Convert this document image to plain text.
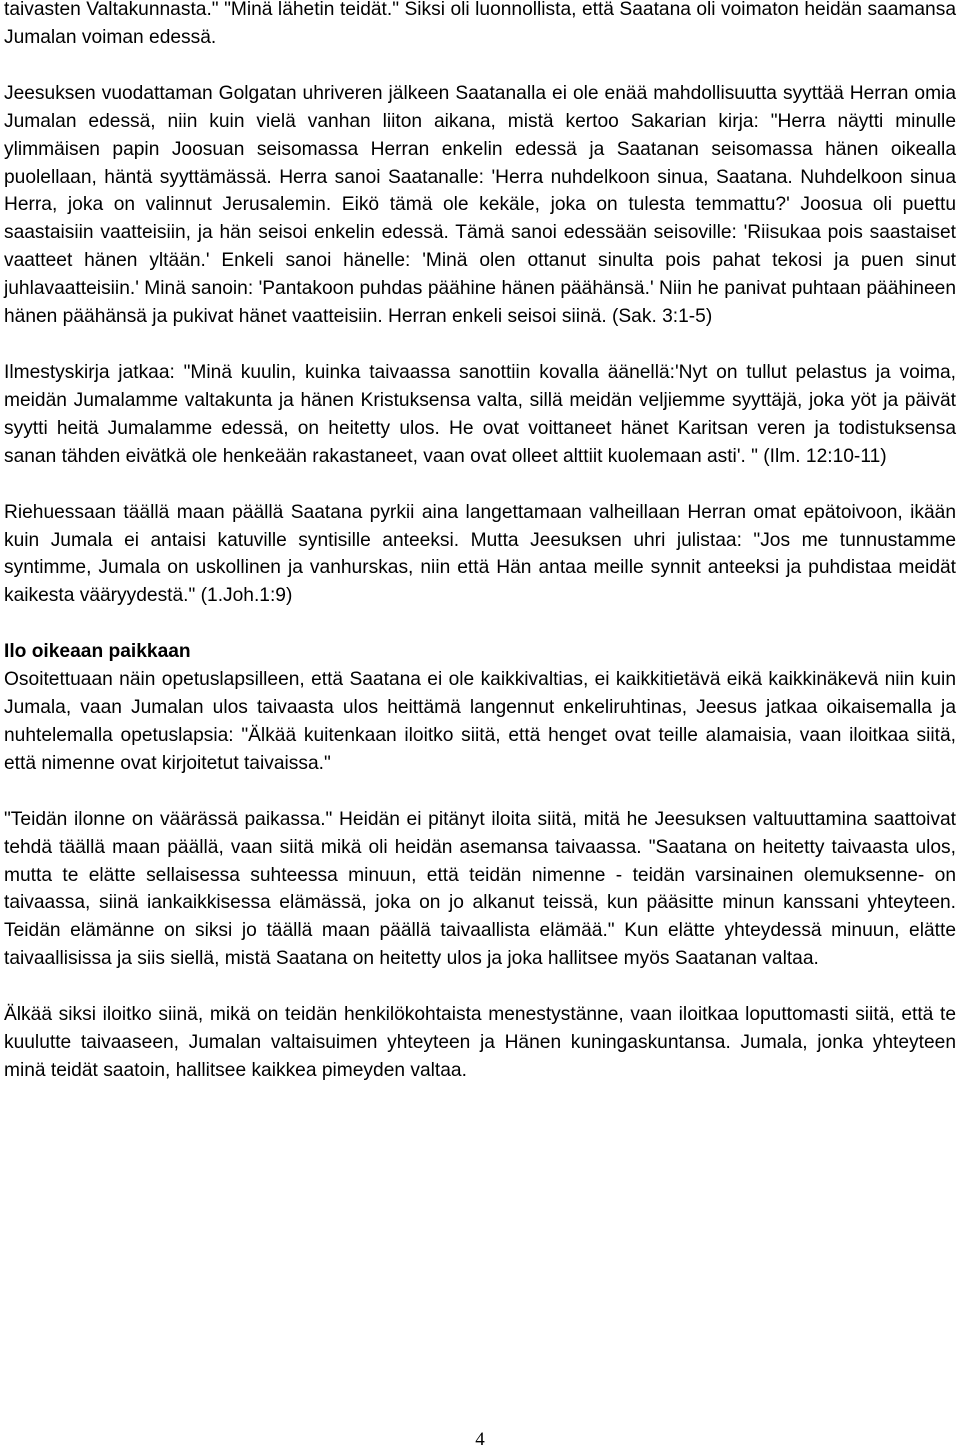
taivasten Valtakunnasta." "Minä lähetin teidät." Siksi oli luonnollista, että Saatana oli voimaton heidän saamansa Jumalan voiman edessä.

Jeesuksen vuodattaman Golgatan uhriveren jälkeen Saatanalla ei ole enää mahdollisuutta syyttää Herran omia Jumalan edessä, niin kuin vielä vanhan liiton aikana, mistä kertoo Sakarian kirja: "Herra näytti minulle ylimmäisen papin Joosuan seisomassa Herran enkelin edessä ja Saatanan seisomassa hänen oikealla puolellaan, häntä syyttämässä. Herra sanoi Saatanalle: 'Herra nuhdelkoon sinua, Saatana. Nuhdelkoon sinua Herra, joka on valinnut Jerusalemin. Eikö tämä ole kekäle, joka on tulesta temmattu?' Joosua oli puettu saastaisiin vaatteisiin, ja hän seisoi enkelin edessä. Tämä sanoi edessään seisoville: 'Riisukaa pois saastaiset vaatteet hänen yltään.' Enkeli sanoi hänelle: 'Minä olen ottanut sinulta pois pahat tekosi ja puen sinut juhlavaatteisiin.' Minä sanoin: 'Pantakoon puhdas päähine hänen päähänsä.' Niin he panivat puhtaan päähineen hänen päähänsä ja pukivat hänet vaatteisiin. Herran enkeli seisoi siinä. (Sak. 3:1-5)

Ilmestyskirja jatkaa: "Minä kuulin, kuinka taivaassa sanottiin kovalla äänellä:'Nyt on tullut pelastus ja voima, meidän Jumalamme valtakunta ja hänen Kristuksensa valta, sillä meidän veljiemme syyttäjä, joka yöt ja päivät syytti heitä Jumalamme edessä, on heitetty ulos. He ovat voittaneet hänet Karitsan veren ja todistuksensa sanan tähden eivätkä ole henkeään rakastaneet, vaan ovat olleet alttiit kuolemaan asti'. " (Ilm. 12:10-11)

Riehuessaan täällä maan päällä Saatana pyrkii aina langettamaan valheillaan Herran omat epätoivoon, ikään kuin Jumala ei antaisi katuville syntisille anteeksi. Mutta Jeesuksen uhri julistaa: "Jos me tunnustamme syntimme, Jumala on uskollinen ja vanhurskas, niin että Hän antaa meille synnit anteeksi ja puhdistaa meidät kaikesta vääryydestä." (1.Joh.1:9)

Ilo oikeaan paikkaan

Osoitettuaan näin opetuslapsilleen, että Saatana ei ole kaikkivaltias, ei kaikkitietävä eikä kaikkinäkevä niin kuin Jumala, vaan Jumalan ulos taivaasta ulos heittämä langennut enkeliruhtinas, Jeesus jatkaa oikaisemalla ja nuhtelemalla opetuslapsia: "Älkää kuitenkaan iloitko siitä, että henget ovat teille alamaisia, vaan iloitkaa siitä, että nimenne ovat kirjoitetut taivaissa."

"Teidän ilonne on väärässä paikassa." Heidän ei pitänyt iloita siitä, mitä he Jeesuksen valtuuttamina saattoivat tehdä täällä maan päällä, vaan siitä mikä oli heidän asemansa taivaassa. "Saatana on heitetty taivaasta ulos, mutta te elätte sellaisessa suhteessa minuun, että teidän nimenne - teidän varsinainen olemuksenne- on taivaassa, siinä iankaikkisessa elämässä, joka on jo alkanut teissä, kun pääsitte minun kanssani yhteyteen. Teidän elämänne on siksi jo täällä maan päällä taivaallista elämää." Kun elätte yhteydessä minuun, elätte taivaallisissa ja siis siellä, mistä Saatana on heitetty ulos ja joka hallitsee myös Saatanan valtaa.

Älkää siksi iloitko siinä, mikä on teidän henkilökohtaista menestystänne, vaan iloitkaa loputtomasti siitä, että te kuulutte taivaaseen, Jumalan valtaisuimen yhteyteen ja Hänen kuningaskuntansa. Jumala, jonka yhteyteen minä teidät saatoin, hallitsee kaikkea pimeyden valtaa.

4
